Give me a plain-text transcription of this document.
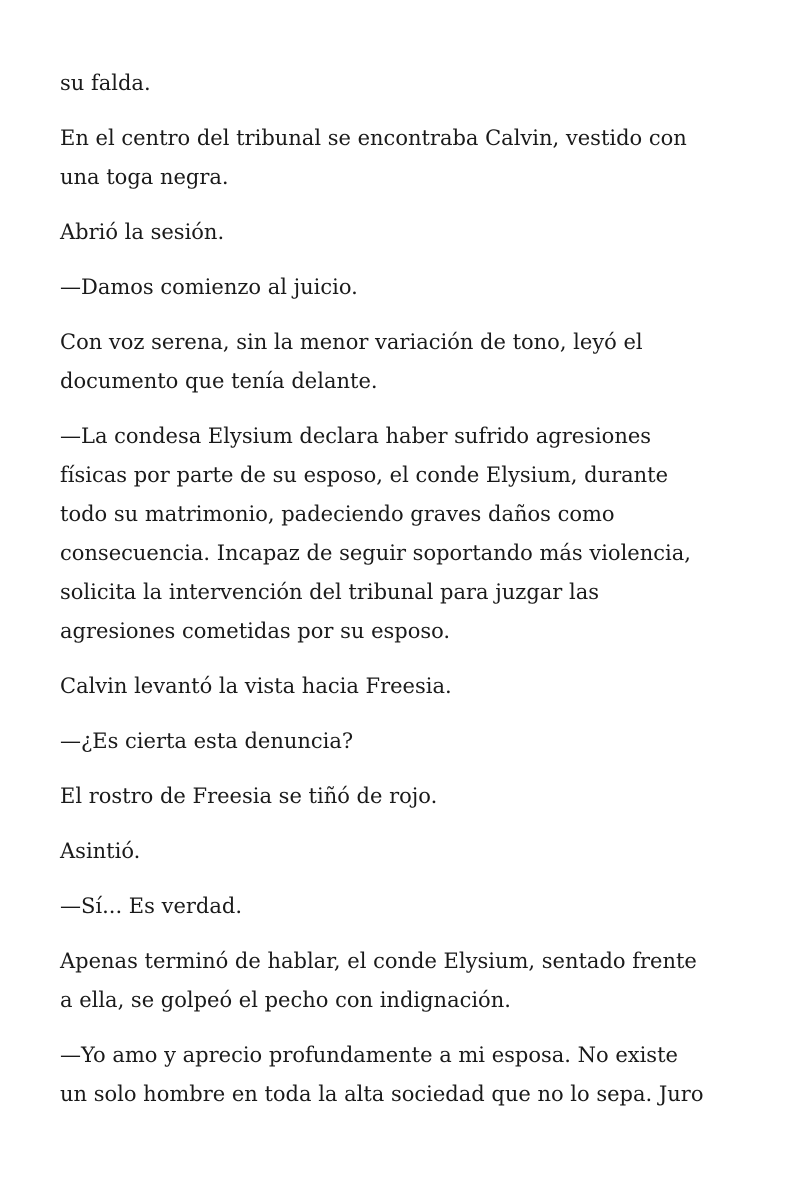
su falda.

En el centro del tribunal se encontraba Calvin, vestido con
una toga negra.

Abrió la sesión.

—Damos comienzo al juicio.

Con voz serena, sin la menor variación de tono, leyó el
documento que tenía delante.

—La condesa Elysium declara haber sufrido agresiones
físicas por parte de su esposo, el conde Elysium, durante
todo su matrimonio, padeciendo graves daños como
consecuencia. Incapaz de seguir soportando más violencia,
solicita la intervención del tribunal para juzgar las
agresiones cometidas por su esposo.

Calvin levantó la vista hacia Freesia.

—¿Es cierta esta denuncia?

El rostro de Freesia se tiñó de rojo.

Asintió.

—Sí... Es verdad.

Apenas terminó de hablar, el conde Elysium, sentado frente
a ella, se golpeó el pecho con indignación.

—Yo amo y aprecio profundamente a mi esposa. No existe
un solo hombre en toda la alta sociedad que no lo sepa. Juro
